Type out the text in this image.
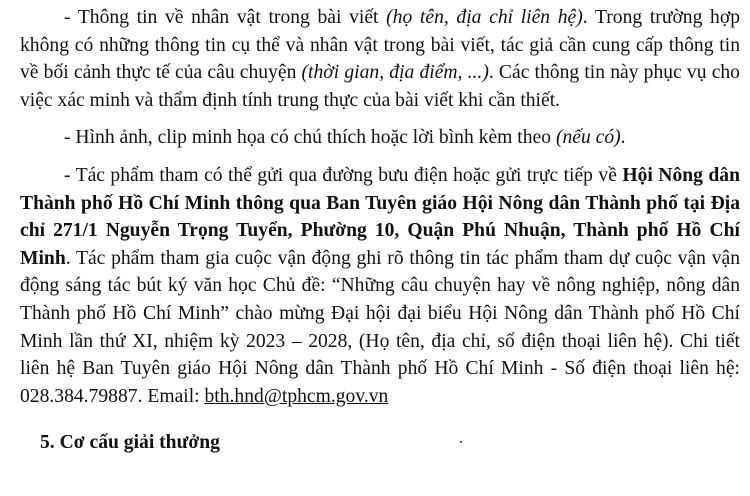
- Thông tin về nhân vật trong bài viết (họ tên, địa chỉ liên hệ). Trong trường hợp không có những thông tin cụ thể và nhân vật trong bài viết, tác giả cần cung cấp thông tin về bối cảnh thực tế của câu chuyện (thời gian, địa điểm, ...). Các thông tin này phục vụ cho việc xác minh và thẩm định tính trung thực của bài viết khi cần thiết.

- Hình ảnh, clip minh họa có chú thích hoặc lời bình kèm theo (nếu có).

- Tác phẩm tham có thể gửi qua đường bưu điện hoặc gửi trực tiếp về Hội Nông dân Thành phố Hồ Chí Minh thông qua Ban Tuyên giáo Hội Nông dân Thành phố tại Địa chỉ 271/1 Nguyễn Trọng Tuyển, Phường 10, Quận Phú Nhuận, Thành phố Hồ Chí Minh. Tác phẩm tham gia cuộc vận động ghi rõ thông tin tác phẩm tham dự cuộc vận vận động sáng tác bút ký văn học Chủ đề: “Những câu chuyện hay về nông nghiệp, nông dân Thành phố Hồ Chí Minh” chào mừng Đại hội đại biểu Hội Nông dân Thành phố Hồ Chí Minh lần thứ XI, nhiệm kỳ 2023 – 2028, (Họ tên, địa chỉ, số điện thoại liên hệ). Chi tiết liên hệ Ban Tuyên giáo Hội Nông dân Thành phố Hồ Chí Minh - Số điện thoại liên hệ: 028.384.79887. Email: bth.hnd@tphcm.gov.vn

5. Cơ cấu giải thưởng
